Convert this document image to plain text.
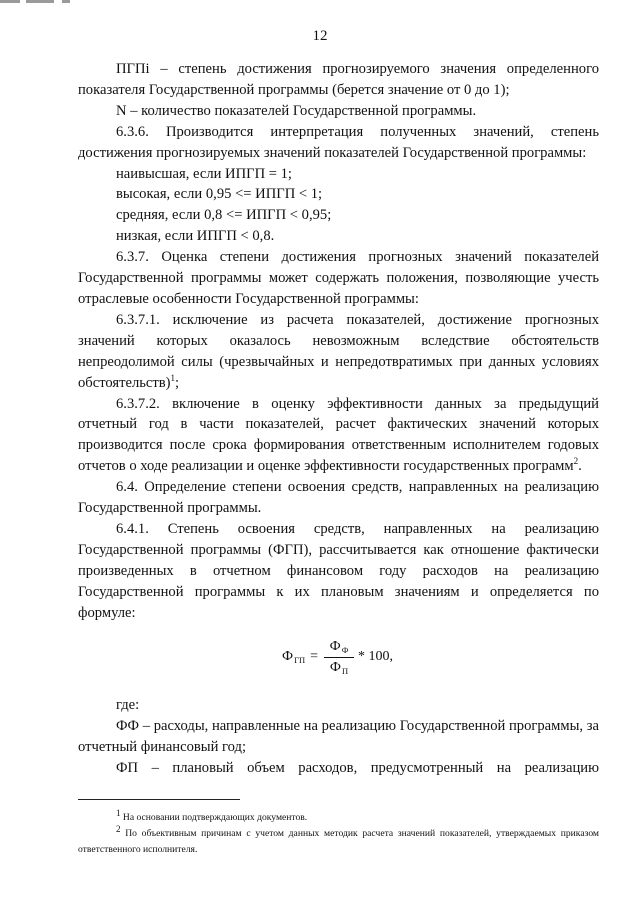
12

ПГПi – степень достижения прогнозируемого значения определенного показателя Государственной программы (берется значение от 0 до 1);

N – количество показателей Государственной программы.

6.3.6. Производится интерпретация полученных значений, степень достижения прогнозируемых значений показателей Государственной программы:

наивысшая, если ИПГП = 1;

высокая, если 0,95 <= ИПГП < 1;

средняя, если 0,8 <= ИПГП < 0,95;

низкая, если ИПГП < 0,8.

6.3.7. Оценка степени достижения прогнозных значений показателей Государственной программы может содержать положения, позволяющие учесть отраслевые особенности Государственной программы:

6.3.7.1. исключение из расчета показателей, достижение прогнозных значений которых оказалось невозможным вследствие обстоятельств непреодолимой силы (чрезвычайных и непредотвратимых при данных условиях обстоятельств)$^1$;

6.3.7.2. включение в оценку эффективности данных за предыдущий отчетный год в части показателей, расчет фактических значений которых производится после срока формирования ответственным исполнителем годовых отчетов о ходе реализации и оценке эффективности государственных программ$^2$.

6.4. Определение степени освоения средств, направленных на реализацию Государственной программы.

6.4.1. Степень освоения средств, направленных на реализацию Государственной программы (ФГП), рассчитывается как отношение фактически произведенных в отчетном финансовом году расходов на реализацию Государственной программы к их плановым значениям и определяется по формуле:

$Ф_{ГП} = \frac{Ф_Ф}{Ф_П} * 100$,

где:

ФФ – расходы, направленные на реализацию Государственной программы, за отчетный финансовый год;

ФП – плановый объем расходов, предусмотренный на реализацию

$^1$ На основании подтверждающих документов.

$^2$ По объективным причинам с учетом данных методик расчета значений показателей, утверждаемых приказом ответственного исполнителя.
